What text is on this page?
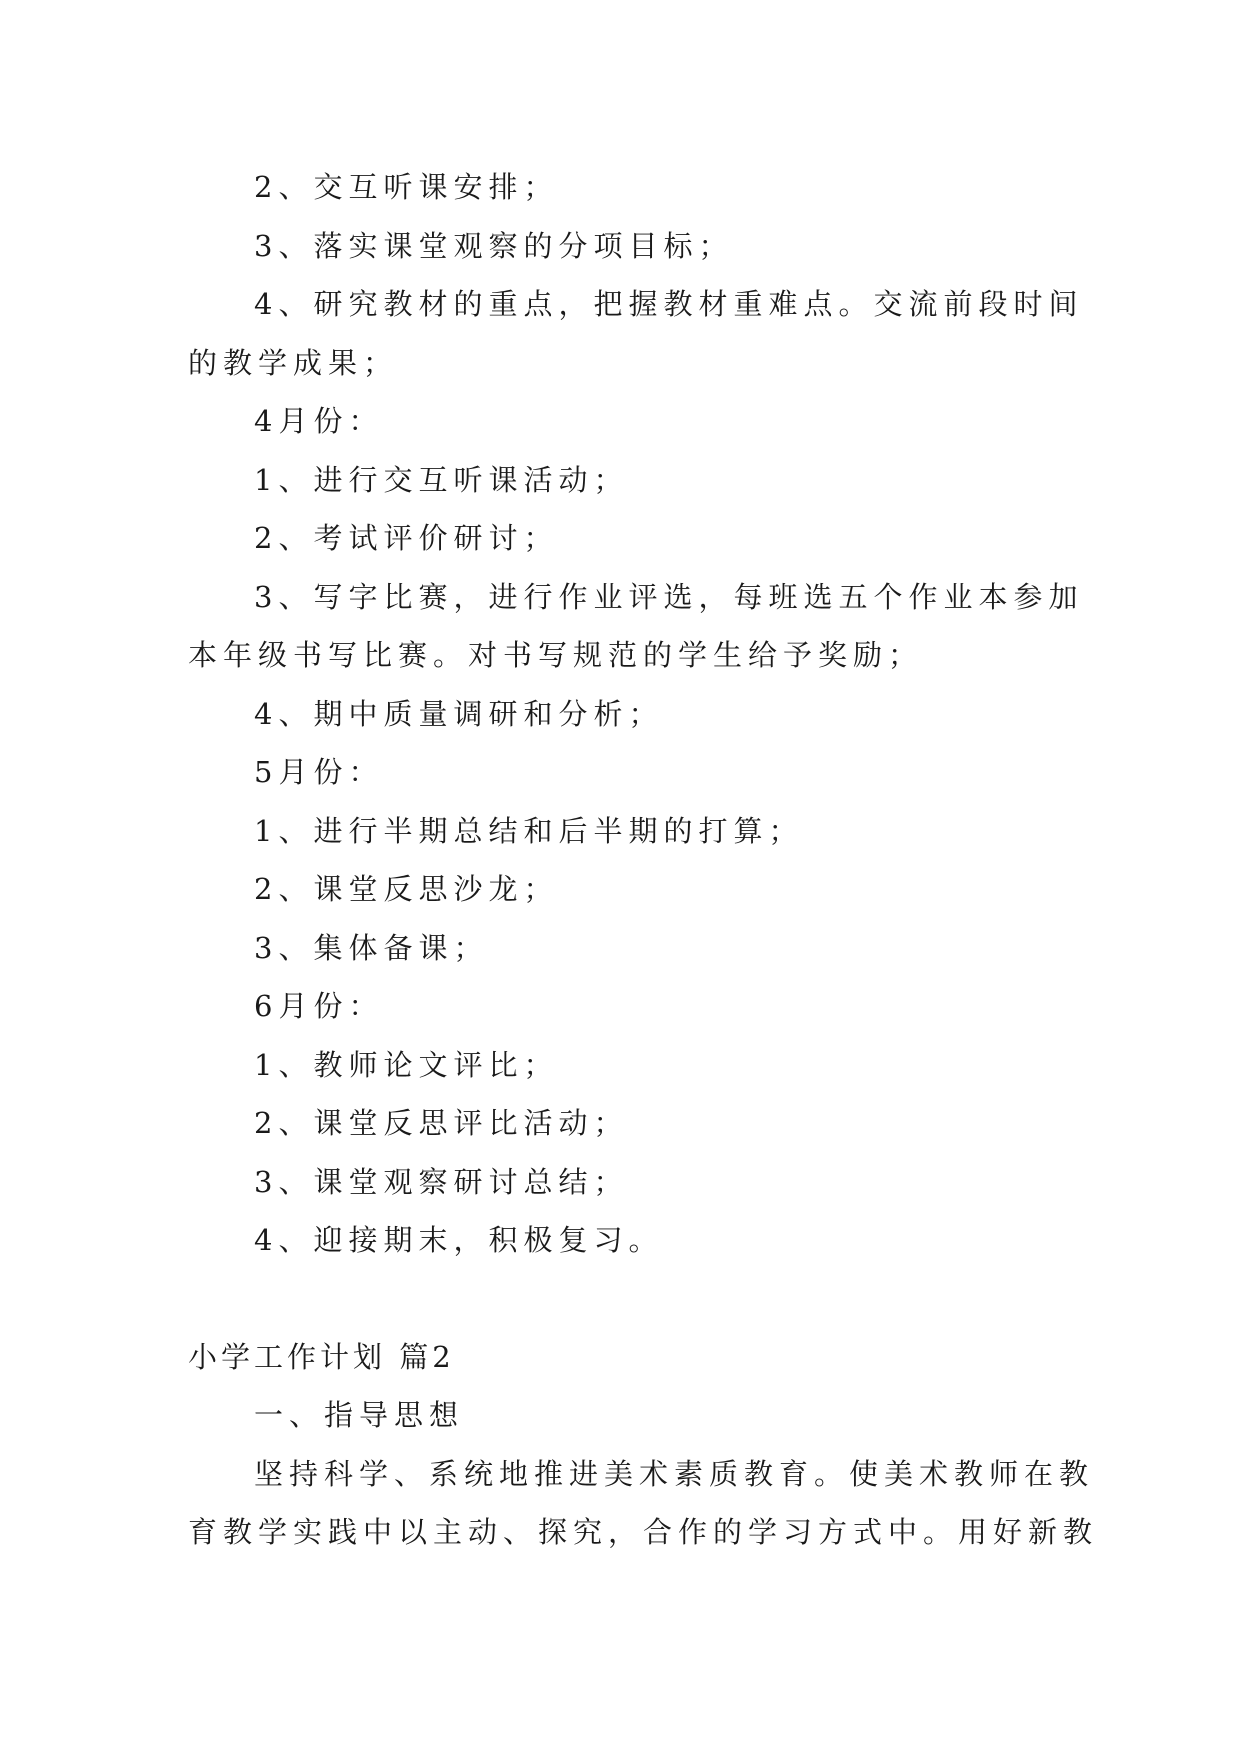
2、交互听课安排；
3、落实课堂观察的分项目标；
4、研究教材的重点，把握教材重难点。交流前段时间
的教学成果；
4月份：
1、进行交互听课活动；
2、考试评价研讨；
3、写字比赛，进行作业评选，每班选五个作业本参加
本年级书写比赛。对书写规范的学生给予奖励；
4、期中质量调研和分析；
5月份：
1、进行半期总结和后半期的打算；
2、课堂反思沙龙；
3、集体备课；
6月份：
1、教师论文评比；
2、课堂反思评比活动；
3、课堂观察研讨总结；
4、迎接期末，积极复习。
小学工作计划 篇2
一、指导思想
坚持科学、系统地推进美术素质教育。使美术教师在教
育教学实践中以主动、探究，合作的学习方式中。用好新教
